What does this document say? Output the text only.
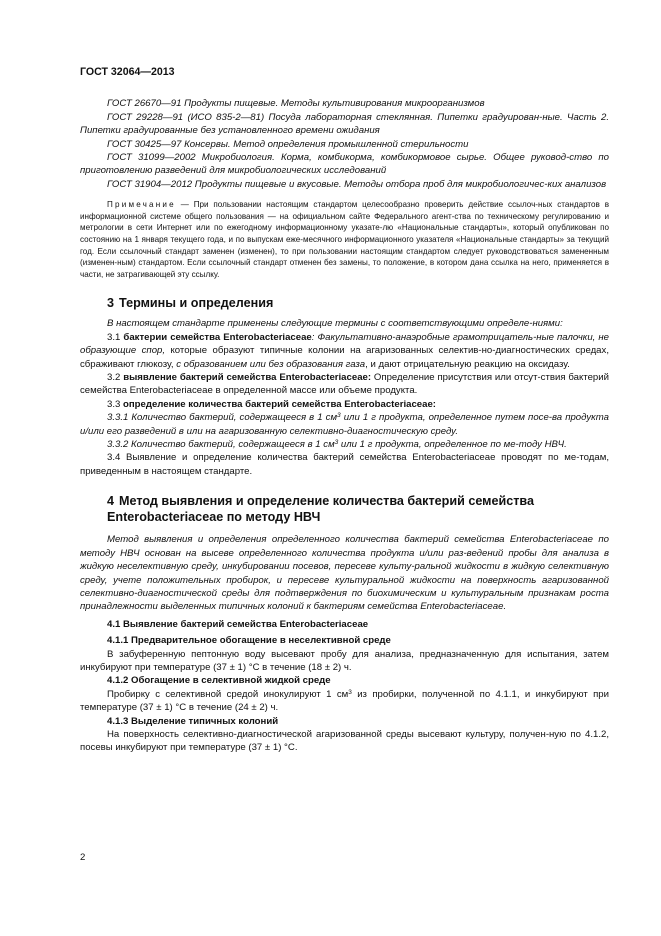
ГОСТ 32064—2013

ГОСТ 26670—91 Продукты пищевые. Методы культивирования микроорганизмов

ГОСТ 29228—91 (ИСО 835-2—81) Посуда лабораторная стеклянная. Пипетки градуирован-ные. Часть 2. Пипетки градуированные без установленного времени ожидания

ГОСТ 30425—97 Консервы. Метод определения промышленной стерильности

ГОСТ 31099—2002 Микробиология. Корма, комбикорма, комбикормовое сырье. Общее руковод-ство по приготовлению разведений для микробиологических исследований

ГОСТ 31904—2012 Продукты пищевые и вкусовые. Методы отбора проб для микробиологичес-ких анализов

Примечание — При пользовании настоящим стандартом целесообразно проверить действие ссылоч-ных стандартов в информационной системе общего пользования — на официальном сайте Федерального агент-ства по техническому регулированию и метрологии в сети Интернет или по ежегодному информационному указате-лю «Национальные стандарты», который опубликован по состоянию на 1 января текущего года, и по выпускам еже-месячного информационного указателя «Национальные стандарты» за текущий год. Если ссылочный стандарт заменен (изменен), то при пользовании настоящим стандартом следует руководствоваться замененным (изменен-ным) стандартом. Если ссылочный стандарт отменен без замены, то положение, в котором дана ссылка на него, применяется в части, не затрагивающей эту ссылку.

3 Термины и определения

В настоящем стандарте применены следующие термины с соответствующими определе-ниями:

3.1 бактерии семейства Enterobacteriaceae: Факультативно-анаэробные грамотрицатель-ные палочки, не образующие спор, которые образуют типичные колонии на агаризованных селектив-но-диагностических средах, сбраживают глюкозу, с образованием или без образования газа, и дают отрицательную реакцию на оксидазу.

3.2 выявление бактерий семейства Enterobacteriaceae: Определение присутствия или отсут-ствия бактерий семейства Enterobacteriaceae в определенной массе или объеме продукта.

3.3 определение количества бактерий семейства Enterobacteriaceae:

3.3.1 Количество бактерий, содержащееся в 1 $см^3$ или 1 г продукта, определенное путем посе-ва продукта и/или его разведений в или на агаризованную селективно-диагностическую среду.

3.3.2 Количество бактерий, содержащееся в 1 $см^3$ или 1 г продукта, определенное по ме-тоду НВЧ.

3.4 Выявление и определение количества бактерий семейства Enterobacteriaceae проводят по ме-тодам, приведенным в настоящем стандарте.

4 Метод выявления и определение количества бактерий семейства
Enterobacteriaceae по методу НВЧ

Метод выявления и определения определенного количества бактерий семейства Enterobacteriaceae по методу НВЧ основан на высеве определенного количества продукта и/или раз-ведений пробы для анализа в жидкую неселективную среду, инкубировании посевов, пересеве культу-ральной жидкости в жидкую селективную среду, учете положительных пробирок, и пересеве культуральной жидкости на поверхность агаризованной селективно-диагностической среды для подтверждения по биохимическим и культуральным признакам роста принадлежности выделенных типичных колоний к бактериям семейства Enterobacteriaceae.

4.1 Выявление бактерий семейства Enterobacteriaceae
4.1.1 Предварительное обогащение в неселективной среде

В забуференную пептонную воду высевают пробу для анализа, предназначенную для испытания, затем инкубируют при температуре (37 ± 1) °С в течение (18 ± 2) ч.

4.1.2 Обогащение в селективной жидкой среде

Пробирку с селективной средой инокулируют 1 $см^3$ из пробирки, полученной по 4.1.1, и инкубируют при температуре (37 ± 1) °С в течение (24 ± 2) ч.

4.1.3 Выделение типичных колоний

На поверхность селективно-диагностической агаризованной среды высевают культуру, получен-ную по 4.1.2, посевы инкубируют при температуре (37 ± 1) °С.

2
